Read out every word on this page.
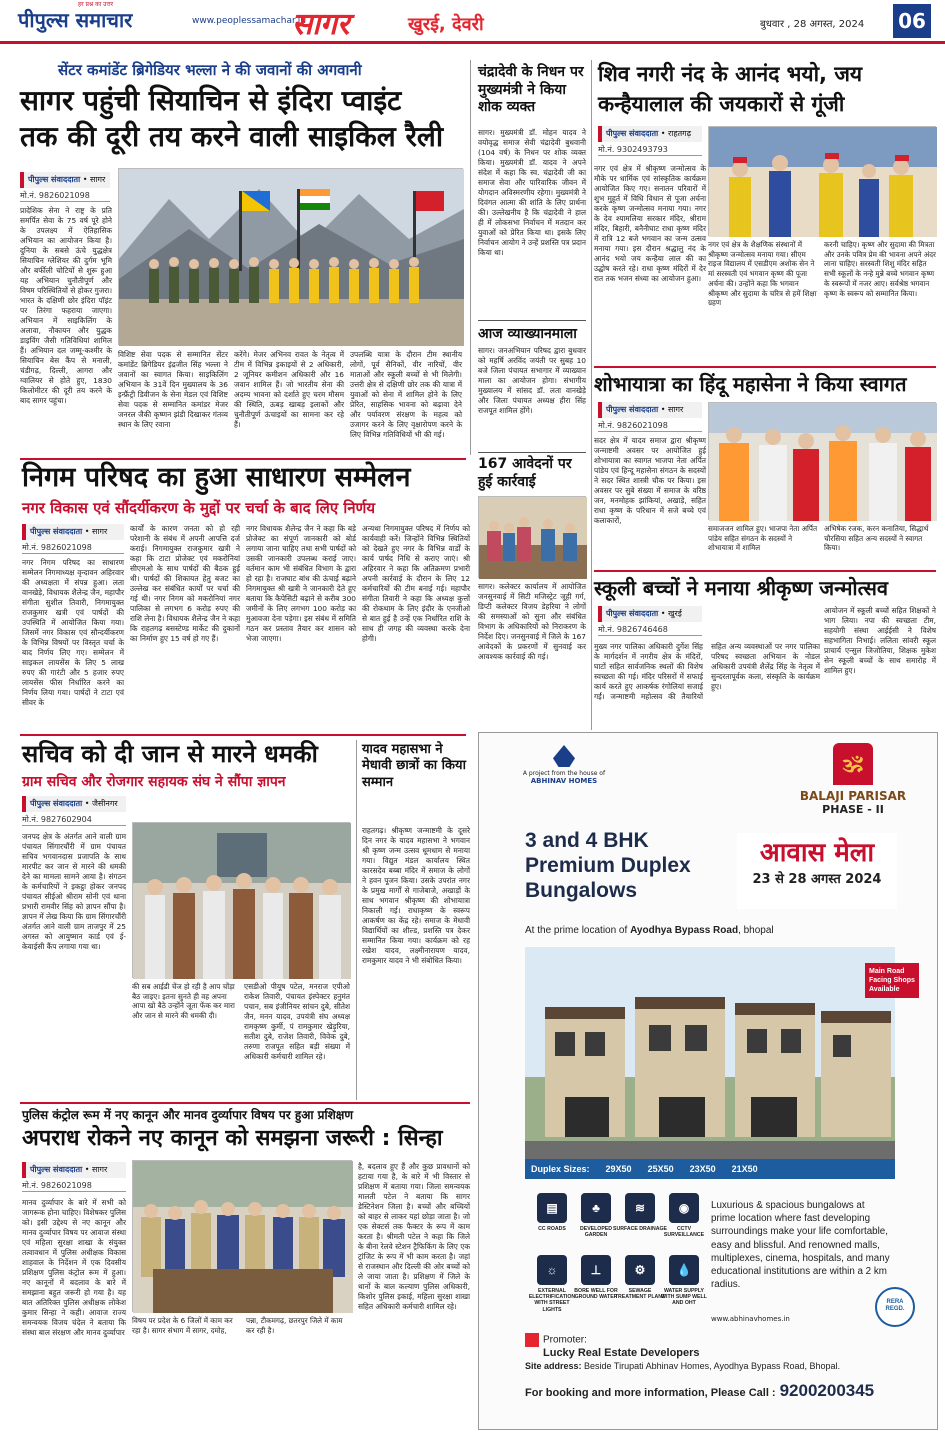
पीपुल्स समाचार
हर प्रश्न का उत्तर
www.peoplessamachar.in
सागर	खुरई, देवरी	बुधवार , 28 अगस्त, 2024 06
सेंटर कमांडेंट ब्रिगेडियर भल्ला ने की जवानों की अगवानी
सागर पहुंची सियाचिन से इंदिरा प्वाइंट
तक की दूरी तय करने वाली साइकिल रैली
पीपुल्स संवाददाता • सागर
मो.नं. 9826021098
प्रादेशिक सेना ने राष्ट्र के प्रति समर्पित सेवा के 75 वर्ष पूरे होने के उपलक्ष्य में ऐतिहासिक अभियान का आयोजन किया है। दुनिया के सबसे ऊंचे युद्धक्षेत्र सियाचिन ग्लेशियर की दुर्गम भूमि और बर्फीली चोटियों से शुरू हुआ यह अभियान चुनौतीपूर्ण और विषम परिस्थितियों से होकर गुजरा। भारत के दक्षिणी छोर इंदिरा पॉइंट पर तिरंगा फहराया जाएगा। अभियान में साइकिलिंग के अलावा, नौकायन और युद्धक डाइविंग जैसी गतिविधियां शामिल हैं। अभियान दल जम्मू-कश्मीर के सियाचिन बेस कैंप से मनाली, चंडीगढ़, दिल्ली, आगरा और ग्वालियर से होते हुए, 1830 किलोमीटर की दूरी तय करने के बाद सागर पहुंचा।
विशिष्ट सेवा पदक से सम्मानित सेंटर कमांडेंट ब्रिगेडियर इंद्रजीत सिंह भल्ला ने जवानों का स्वागत किया। साइकिलिंग अभियान के 31वें दिन मुख्यालय के 36 इन्फ्रैंट्री डिवीजन के सेना मेडल एवं विशिष्ट सेवा पदक से सम्मानित कमांडर मेजर जनरल जैकी कृष्णन झंडी दिखाकर गंतव्य स्थान के लिए रवाना
करेंगे। मेजर अभिनव रावत के नेतृत्व में टीम में विभिन्न इकाइयों से 2 अधिकारी, 2 जूनियर कमीशन अधिकारी और 16 जवान शामिल हैं। जो भारतीय सेना की अदम्य भावना को दर्शाते हुए चरम मौसम की स्थिति, ऊबड़ खाबड़ इलाकों और चुनौतीपूर्ण ऊंचाइयों का सामना कर रहे हैं।
उपलब्धि यात्रा के दौरान टीम स्थानीय लोगों, पूर्व सैनिकों, वीर नारियों, वीर माताओं और स्कूली बच्चों से भी मिलेगी। उत्तरी क्षेत्र से दक्षिणी छोर तक की यात्रा में युवाओं को सेना में शामिल होने के लिए प्रेरित, साहसिक भावना को बढ़ावा देने और पर्यावरण संरक्षण के महत्व को उजागर करने के लिए वृक्षारोपण करने के लिए विभिन्न गतिविधियों भी की गई।
चंद्रादेवी के निधन पर मुख्यमंत्री ने किया शोक व्यक्त
सागर। मुख्यमंत्री डॉ. मोहन यादव ने वयोवृद्ध समाज सेवी चंद्रादेवी बुधवानी (104 वर्ष) के निधन पर शोक व्यक्त किया। मुख्यमंत्री डॉ. यादव ने अपने संदेश में कहा कि स्व. चंद्रादेवी जी का समाज सेवा और पारिवारिक जीवन में योगदान अविस्मरणीय रहेगा। मुख्यमंत्री ने दिवंगत आत्मा की शांति के लिए प्रार्थना की। उल्लेखनीय है कि चंद्रादेवी ने हाल ही में लोकसभा निर्वाचन में मतदान कर युवाओं को प्रेरित किया था। इसके लिए निर्वाचन आयोग ने उन्हें प्रशस्ति पत्र प्रदान किया था।
आज व्याख्यानमाला
सागर। जनअभियान परिषद द्वारा बुधवार को महर्षि अरविंद जयंती पर सुबह 10 बजे जिला पंचायत सभागार में व्याख्यान माला का आयोजन होगा। संभागीय मुख्यालय में सांसद डॉ. लता वानखेड़े और जिला पंचायत अध्यक्ष हीरा सिंह राजपूत शामिल होंगे।
167 आवेदनों पर हुई कार्रवाई
सागर। कलेक्टर कार्यालय में आयोजित जनसुनवाई में सिटी मजिस्ट्रेट जूही गर्ग, डिप्टी कलेक्टर विजय डेहरिया ने लोगों की समस्याओं को सुना और संबंधित विभाग के अधिकारियों को निराकरण के निर्देश दिए। जनसुनवाई में जिले के 167 आवेदकों के प्रकरणों में सुनवाई कर आवश्यक कार्रवाई की गई।
शिव नगरी नंद के आनंद भयो, जय
कन्हैयालाल की जयकारों से गूंजी
पीपुल्स संवाददाता • राहतगढ़
मो.नं. 9302493793
नगर एवं क्षेत्र में श्रीकृष्ण जन्मोत्सव के मौके पर धार्मिक एवं सांस्कृतिक कार्यक्रम आयोजित किए गए। सनातन परिवारों में शुभ मुहूर्त में विधि विधान से पूजा अर्चना करके कृष्ण जन्मोत्सव मनाया गया। नगर के देव श्यामलिया सरकार मंदिर, श्रीराम मंदिर, बिहारी, बनैनीघाट राधा कृष्ण मंदिर में रात्रि 12 बजे भगवान का जन्म उत्सव मनाया गया। इस दौरान श्रद्धालु नंद के आनंद भयो जय कन्हैया लाल की का उद्घोष करते रहे। राधा कृष्ण मंदिरों में देर रात तक भजन संध्या का आयोजन हुआ।
नगर एवं क्षेत्र के शैक्षणिक संस्थानों में श्रीकृष्ण जन्मोत्सव मनाया गया। सीएम राइज विद्यालय में एसडीएम अशोक सेन ने मां सरस्वती एवं भगवान कृष्ण की पूजा अर्चना की। उन्होंने कहा कि भगवान श्रीकृष्ण और सुदामा के चरित्र से हमें शिक्षा ग्रहण
करनी चाहिए। कृष्ण और सुदामा की मित्रता और उनके पवित्र प्रेम की भावना अपने अंदर लाना चाहिए। सरस्वती शिशु मंदिर सहित सभी स्कूलों के नन्हे मुन्ने बच्चे भगवान कृष्ण के स्वरूपों में नजर आए। सर्वश्रेष्ठ भगवान कृष्ण के स्वरूप को सम्मानित किया।
शोभायात्रा का हिंदू महासेना ने किया स्वागत
पीपुल्स संवाददाता • सागर
मो.नं. 9826021098
सदर क्षेत्र में यादव समाज द्वारा श्रीकृष्ण जन्माष्टमी अवसर पर आयोजित हुई शोभायात्रा का स्वागत भाजपा नेता अर्पित पांडेय एवं हिन्दू महासेना संगठन के सदस्यों ने सदर स्थित शास्त्री चौक पर किया। इस अवसर पर सुबे संख्या में समाज के वरिष्ठ जन, मनमोहक झांकियां, अखाड़े, सहित राधा कृष्ण के परिधान में सजे बच्चे एवं कलाकारों,
समाजजन शामिल हुए। भाजपा नेता अर्पित पांडेय सहित संगठन के सदस्यों ने शोभायात्रा में शामिल
अभिषेक रजक, करन कनातिया, सिद्धार्थ चौरसिया सहित अन्य सदस्यों ने स्वागत किया।
स्कूली बच्चों ने मनाया श्रीकृष्ण जन्मोत्सव
पीपुल्स संवाददाता • खुरई
मो.नं. 9826746468
मुख्य नगर पालिका अधिकारी दुर्गेश सिंह के मार्गदर्शन में नगरीय क्षेत्र के मंदिरों, घाटों सहित सार्वजनिक स्थलों की विशेष स्वच्छता की गई। मंदिर परिसरों में सफाई कार्य करते हुए आकर्षक रंगोलियां सजाई गईं। जन्माष्टमी महोत्सव की तैयारियों सहित अन्य व्यवस्थाओं पर नगर पालिका परिषद स्वच्छता अभियान के नोडल अधिकारी उपयंत्री शैलेंद्र सिंह के नेतृत्व में सुन्दरतापूर्वक कला, संस्कृति के कार्यक्रम हुए।
आयोजन में स्कूली बच्चों सहित शिक्षकों ने भाग लिया। नपा की स्वच्छता टीम, सहयोगी संस्था आईईसी ने विशेष सहभागिता निभाई। ललिता सांवरी स्कूल प्राचार्य एन्सुल जिजोतिया, शिक्षक मुकेश सेन स्कूली बच्चों के साथ समारोह में शामिल हुए।
निगम परिषद का हुआ साधारण सम्मेलन
नगर विकास एवं सौंदर्यीकरण के मुद्दों पर चर्चा के बाद लिए निर्णय
पीपुल्स संवाददाता • सागर
मो.नं. 9826021098
नगर निगम परिषद का साधारण सम्मेलन निगमाध्यक्ष वृन्दावन अहिरवार की अध्यक्षता में संपन्न हुआ। लता वानखेड़े, विधायक शैलेन्द्र जैन, महापौर संगीता सुशील तिवारी, निगमायुक्त राजकुमार खत्री एवं पार्षदों की उपस्थिति में आयोजित किया गया। जिसमें नगर विकास एवं सौन्दर्यीकरण के विभिन्न विषयों पर विस्तृत चर्चा के बाद निर्णय लिए गए। सम्मेलन में साइकल लायसेंस के लिए 5 लाख रुपए की गारंटी और 5 हजार रुपए लायसेंस फीस निर्धारित करने का निर्णय लिया गया। पार्षदों ने टाटा एवं सीवर के
कार्यों के कारण जनता को हो रही परेशानी के संबंध में अपनी आपत्ति दर्ज कराई। निगमायुक्त राजकुमार खत्री ने कहा कि टाटा प्रोजेक्ट एवं मकरोनियां सीएमओ के साथ पार्षदों की बैठक हुई थी। पार्षदों की शिकायत हेतु बजट का उल्लेख कर संबंधित कार्यों पर चर्चा की गई थी। नगर निगम को मकरोनियां नगर पालिका से लगभग 6 करोड़ रुपए की राशि लेना है। विधायक शैलेन्द्र जैन ने कहा कि राहतगढ़ बसस्टेण्ड मार्केट की दुकानों का निर्माण हुए 15 वर्ष हो गए हैं।
नगर विधायक शैलेन्द्र जैन ने कहा कि बड़े प्रोजेक्ट का संपूर्ण जानकारी को बोर्ड लगाया जाना चाहिए तथा सभी पार्षदों को उसकी जानकारी उपलब्ध कराई जाए। वर्तमान काम भी संबंधित विभाग के द्वारा हो रहा है। राजघाट बांध की ऊंचाई बढ़ाने निगमायुक्त श्री खत्री ने जानकारी देते हुए बताया कि कैपेसिटी बढ़ाने से करीब 300 जमीनों के लिए लगभग 100 करोड़ का मुआवजा देना पड़ेगा। इस संबंध में समिति गठन कर प्रस्ताव तैयार कर शासन को भेजा जाएगा।
अन्यथा निगमायुक्त परिषद में निर्णय को कार्यवाही करें। जिन्होंने विभिन्न स्थितियों को देखते हुए नगर के विभिन्न वार्डों के कार्य पार्षद निधि से कराए जाएं। श्री अहिरवार ने कहा कि अतिक्रमण प्रभारी अपनी कार्रवाई के दौरान के लिए 12 कर्मचारियों की टीम बनाई गई। महापौर संगीता तिवारी ने कहा कि अध्यक्ष कुत्तों की रोकथाम के लिए इंदौर के एनजीओ से बात हुई है उन्हें एक निर्धारित राशि के साथ ही जगह की व्यवस्था करके देना होगी।
सचिव को दी जान से मारने धमकी
ग्राम सचिव और रोजगार सहायक संघ ने सौंपा ज्ञापन
पीपुल्स संवाददाता • जैसीनगर
मो.नं. 9827602904
जनपद क्षेत्र के अंतर्गत आने वाली ग्राम पंचायत सिंगारचौंरी में ग्राम पंचायत सचिव भगवानदास प्रजापति के साथ मारपीट कर जान से मारने की धमकी देने का मामला सामने आया है। संगठन के कर्मचारियों ने इकट्ठा होकर जनपद पंचायत सीईओ श्रीराम सोनी एवं थाना प्रभारी रामवीर सिंह को ज्ञापन सौंपा है। ज्ञापन में लेख किया कि ग्राम सिंगारचौंरी अंतर्गत आने वाली ग्राम ताजपुर में 25 अगस्त को आयुष्मान कार्ड एवं ई-केवाईसी कैंप लगाया गया था।
की सब आईडी चेंज हो रही है आप चोंड़ा बैठ जाइए। इतना सुनते ही वह अपना आपा खो बैठे उन्होंने जूता फेंक कर मारा और जान से मारने की धमकी दी।
एसडीओ पीयूष पटेल, मनराज एपीओ राकेश तिवारी, पंचायत इंस्पेक्टर हनुमंत पचान, सब इंजीनियर सांचन दुबे, सीतेश जैन, मनन यादव, उपयंत्री संघ अध्यक्ष रामकृष्ण कुर्मी, पं रामकुमार खेड़ुरिया, सतीश दुबे, राजेश तिवारी, विवेक दुबे, तरुणा राजपूत सहित बड़ी संख्या में अधिकारी कर्मचारी शामिल रहे।
यादव महासभा ने मेधावी छात्रों का किया सम्मान
राहतगढ़। श्रीकृष्ण जन्माष्टमी के दूसरे दिन नगर के यादव महासभा ने भगवान श्री कृष्ण जन्म उत्सव धूमधाम से मनाया गया। विद्युत मंडल कार्यालय स्थित कारसदेव बब्बा मंदिर में समाज के लोगों ने हवन पूजन किया। उसके उपरांत नगर के प्रमुख मार्गों से गाजेबाजे, अखाड़ों के साथ भगवान श्रीकृष्ण की शोभायात्रा निकाली गई। राधाकृष्ण के स्वरूप आकर्षण का केंद्र रहे। समाज के मेधावी विद्यार्थियों का शील्ड, प्रशस्ति पत्र देकर सम्मानित किया गया। कार्यक्रम को रह रखेश यादव, लक्ष्मीनारायण यादव, रामकुमार यादव ने भी संबोधित किया।
पुलिस कंट्रोल रूम में नए कानून और मानव दुर्व्यापार विषय पर हुआ प्रशिक्षण
अपराध रोकने नए कानून को समझना जरूरी : सिन्हा
पीपुल्स संवाददाता • सागर
मो.नं. 9826021098
मानव दुर्व्यापार के बारे में सभी को जागरूक होना चाहिए। विशेषकर पुलिस को। इसी उद्देश्य से नए कानून और मानव दुर्व्यापार विषय पर आवाज संस्था एवं महिला सुरक्षा शाखा के संयुक्त तत्वावधान में पुलिस अधीक्षक विकास शाहवाल के निर्देशन में एक दिवसीय प्रशिक्षण पुलिस कंट्रोल रूम में हुआ। नए कानूनों में बदलाव के बारे में समझाना बहुत जरूरी हो गया है। यह बात अतिरिक्त पुलिस अधीक्षक लोकेश कुमार सिन्हा ने कही। आवाज राज्य समन्वयक विजय चंदेल ने बताया कि संस्था बाल संरक्षण और मानव दुर्व्यापार
विषय पर प्रदेश के 6 जिलों में काम कर रहा है। सागर संभाग में सागर, दमोह, पन्ना, टीकमगढ़, छतरपुर जिले में काम कर रही है।
है, बदलाव हुए हैं और कुछ प्रावधानों को हटाया गया है, के बारे में भी विस्तार से प्रशिक्षण में बताया गया। जिला समन्वयक मालती पटेल ने बताया कि सागर डेस्टिनेशन जिला है। बच्चों और बच्चियों को बाहर से लाकर यहां छोड़ा जाता है। जो एक सेक्टर्स तक फैक्टर के रूप में काम करता है। श्रीमती पटेल ने कहा कि जिले के बीना रेलवे स्टेशन ट्रैफिकिंग के लिए एक ट्रांजिट के रूप में भी काम करता है। जहां से राजस्थान और दिल्ली की ओर बच्चों को ले जाया जाता है। प्रशिक्षण में जिले के थानों के बाल कल्याण पुलिस अधिकारी, किशोर पुलिस इकाई, महिला सुरक्षा शाखा सहित अधिकारी कर्मचारी शामिल रहे।
A project from the house of
ABHINAV HOMES
🕉
BALAJI PARISAR
PHASE - II
3 and 4 BHK
Premium Duplex
Bungalows
आवास मेला
23 से 28 अगस्त 2024
At the prime location of Ayodhya Bypass Road, bhopal
Main Road Facing Shops Available
Duplex Sizes: 29X50 25X50 23X50 21X50
▤
CC ROADS
♣
DEVELOPED GARDEN
≋
SURFACE DRAINAGE
◉
CCTV SURVEILLANCE
☼
EXTERNAL ELECTRIFICATION WITH STREET LIGHTS
⊥
BORE WELL FOR GROUND WATER
⚙
SEWAGE TREATMENT PLANT
💧
WATER SUPPLY WITH SUMP WELL AND OHT
Luxurious & spacious bungalows at prime location where fast developing surroundings make your life comfortable, easy and blissful. And renowned malls, multiplexes, cinema, hospitals, and many educational institutions are within a 2 km radius.
www.abhinavhomes.in
RERA REGD.
Promoter:
Lucky Real Estate Developers
Site address: Beside Tirupati Abhinav Homes, Ayodhya Bypass Road, Bhopal.
For booking and more information, Please Call : 9200200345
